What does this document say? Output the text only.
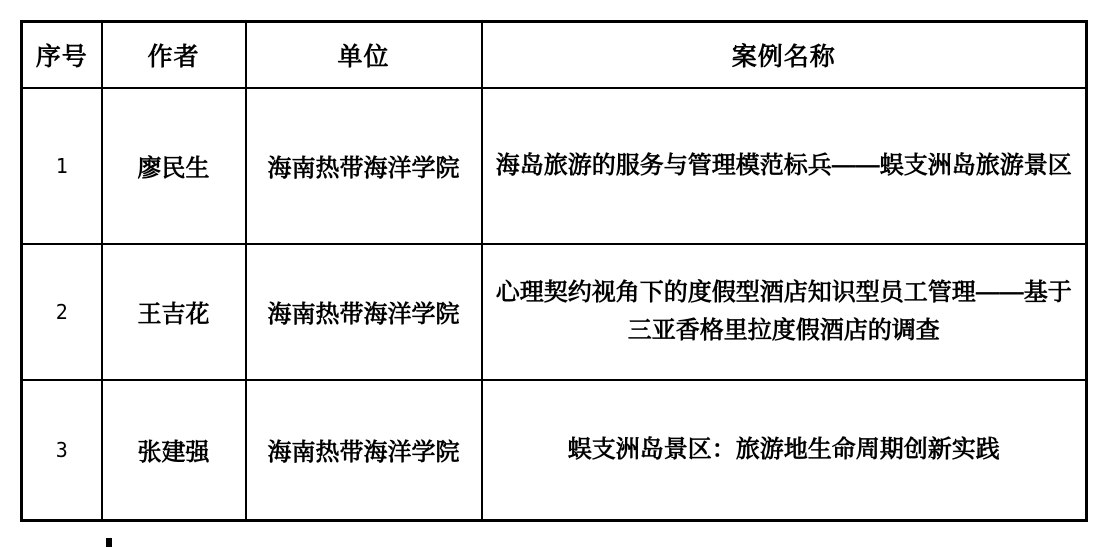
序号	作者	单位	案例名称
1	廖民生	海南热带海洋学院	海岛旅游的服务与管理模范标兵——蜈支洲岛旅游景区
2	王吉花	海南热带海洋学院	心理契约视角下的度假型酒店知识型员工管理——基于三亚香格里拉度假酒店的调查
3	张建强	海南热带海洋学院	蜈支洲岛景区：旅游地生命周期创新实践
